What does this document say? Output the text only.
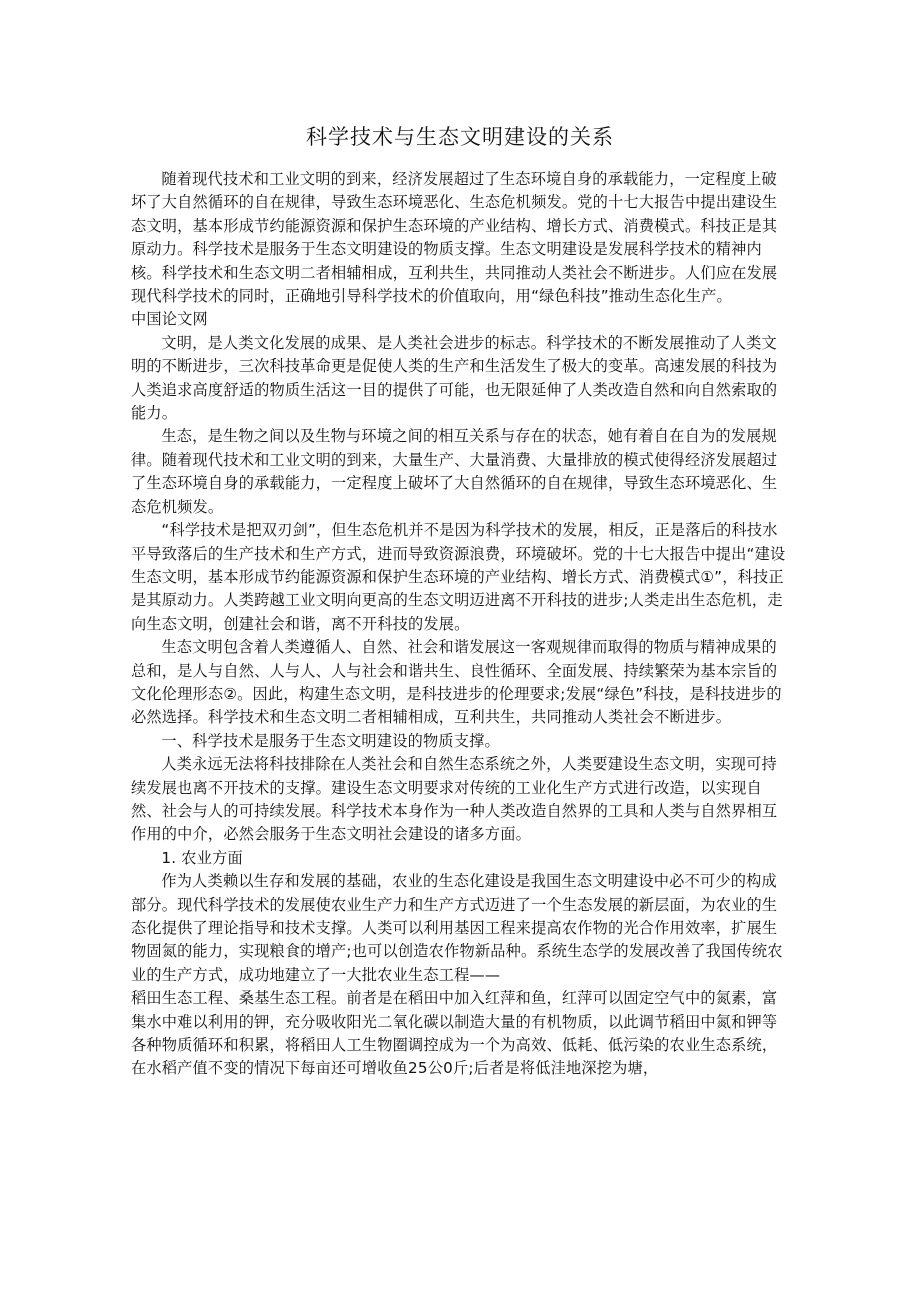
科学技术与生态文明建设的关系

随着现代技术和工业文明的到来，经济发展超过了生态环境自身的承载能力，一定程度上破坏了大自然循环的自在规律，导致生态环境恶化、生态危机频发。党的十七大报告中提出建设生态文明，基本形成节约能源资源和保护生态环境的产业结构、增长方式、消费模式。科技正是其原动力。科学技术是服务于生态文明建设的物质支撑。生态文明建设是发展科学技术的精神内核。科学技术和生态文明二者相辅相成，互利共生，共同推动人类社会不断进步。人们应在发展现代科学技术的同时，正确地引导科学技术的价值取向，用“绿色科技”推动生态化生产。

中国论文网

文明，是人类文化发展的成果、是人类社会进步的标志。科学技术的不断发展推动了人类文明的不断进步，三次科技革命更是促使人类的生产和生活发生了极大的变革。高速发展的科技为人类追求高度舒适的物质生活这一目的提供了可能，也无限延伸了人类改造自然和向自然索取的能力。

生态，是生物之间以及生物与环境之间的相互关系与存在的状态，她有着自在自为的发展规律。随着现代技术和工业文明的到来，大量生产、大量消费、大量排放的模式使得经济发展超过了生态环境自身的承载能力，一定程度上破坏了大自然循环的自在规律，导致生态环境恶化、生态危机频发。

“科学技术是把双刃剑”，但生态危机并不是因为科学技术的发展，相反，正是落后的科技水平导致落后的生产技术和生产方式，进而导致资源浪费，环境破坏。党的十七大报告中提出“建设生态文明，基本形成节约能源资源和保护生态环境的产业结构、增长方式、消费模式①”，科技正是其原动力。人类跨越工业文明向更高的生态文明迈进离不开科技的进步;人类走出生态危机，走向生态文明，创建社会和谐，离不开科技的发展。

生态文明包含着人类遵循人、自然、社会和谐发展这一客观规律而取得的物质与精神成果的总和，是人与自然、人与人、人与社会和谐共生、良性循环、全面发展、持续繁荣为基本宗旨的文化伦理形态②。因此，构建生态文明，是科技进步的伦理要求;发展“绿色”科技，是科技进步的必然选择。科学技术和生态文明二者相辅相成，互利共生，共同推动人类社会不断进步。

一、科学技术是服务于生态文明建设的物质支撑。

人类永远无法将科技排除在人类社会和自然生态系统之外，人类要建设生态文明，实现可持续发展也离不开技术的支撑。建设生态文明要求对传统的工业化生产方式进行改造，以实现自然、社会与人的可持续发展。科学技术本身作为一种人类改造自然界的工具和人类与自然界相互作用的中介，必然会服务于生态文明社会建设的诸多方面。

1. 农业方面

作为人类赖以生存和发展的基础，农业的生态化建设是我国生态文明建设中必不可少的构成部分。现代科学技术的发展使农业生产力和生产方式迈进了一个生态发展的新层面，为农业的生态化提供了理论指导和技术支撑。人类可以利用基因工程来提高农作物的光合作用效率，扩展生物固氮的能力，实现粮食的增产;也可以创造农作物新品种。系统生态学的发展改善了我国传统农业的生产方式，成功地建立了一大批农业生态工程——

稻田生态工程、桑基生态工程。前者是在稻田中加入红萍和鱼，红萍可以固定空气中的氮素，富集水中难以利用的钾，充分吸收阳光二氧化碳以制造大量的有机物质，以此调节稻田中氮和钾等各种物质循环和积累，将稻田人工生物圈调控成为一个为高效、低耗、低污染的农业生态系统，在水稻产值不变的情况下每亩还可增收鱼25公0斤;后者是将低洼地深挖为塘，
